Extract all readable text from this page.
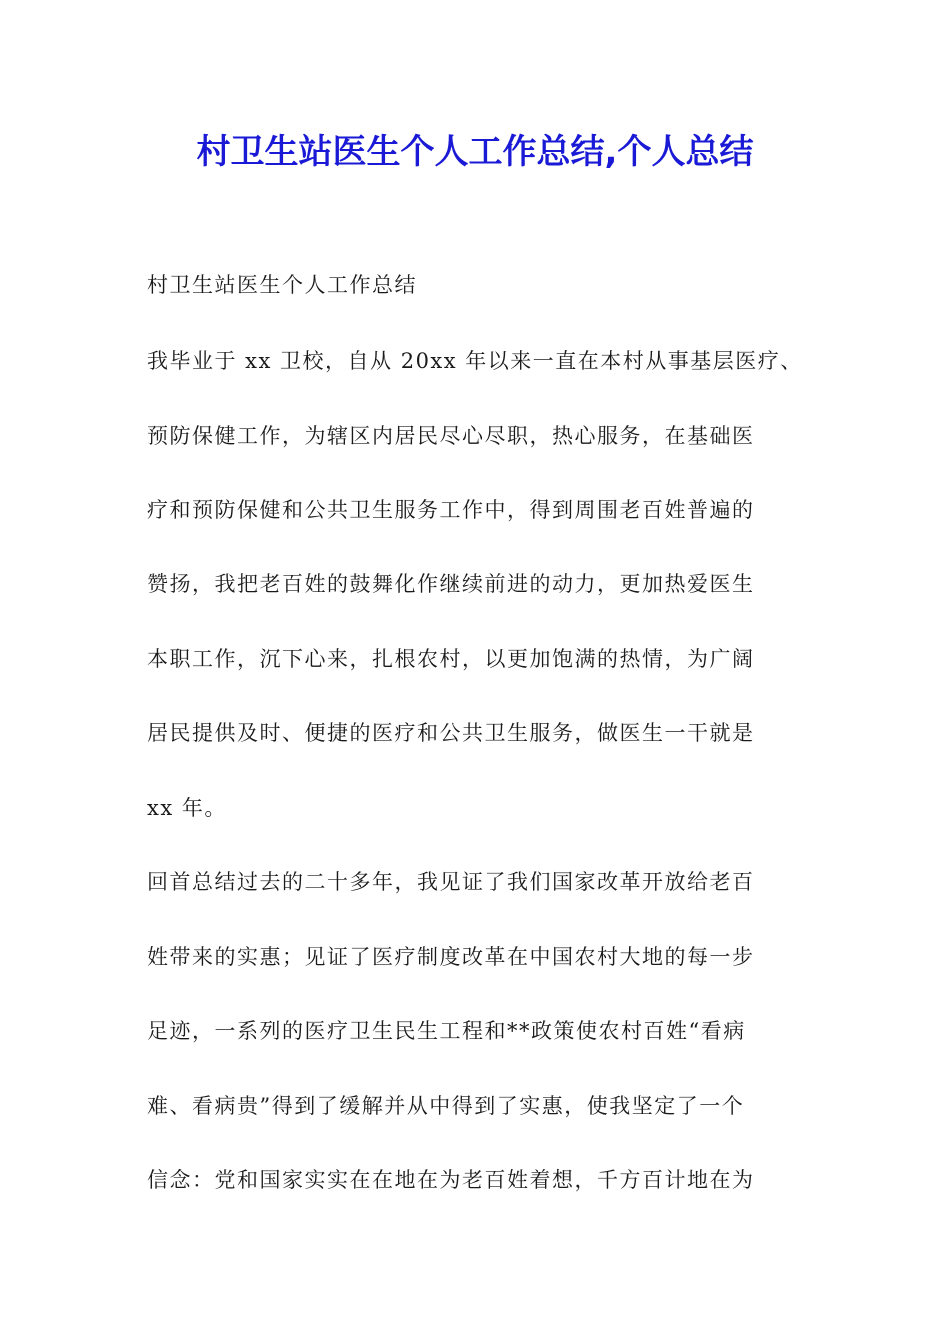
村卫生站医生个人工作总结,个人总结
村卫生站医生个人工作总结
我毕业于 xx 卫校，自从 20xx 年以来一直在本村从事基层医疗、
预防保健工作，为辖区内居民尽心尽职，热心服务，在基础医
疗和预防保健和公共卫生服务工作中，得到周围老百姓普遍的
赞扬，我把老百姓的鼓舞化作继续前进的动力，更加热爱医生
本职工作，沉下心来，扎根农村，以更加饱满的热情，为广阔
居民提供及时、便捷的医疗和公共卫生服务，做医生一干就是
xx 年。
回首总结过去的二十多年，我见证了我们国家改革开放给老百
姓带来的实惠；见证了医疗制度改革在中国农村大地的每一步
足迹，一系列的医疗卫生民生工程和**政策使农村百姓“看病
难、看病贵”得到了缓解并从中得到了实惠，使我坚定了一个
信念：党和国家实实在在地在为老百姓着想，千方百计地在为
